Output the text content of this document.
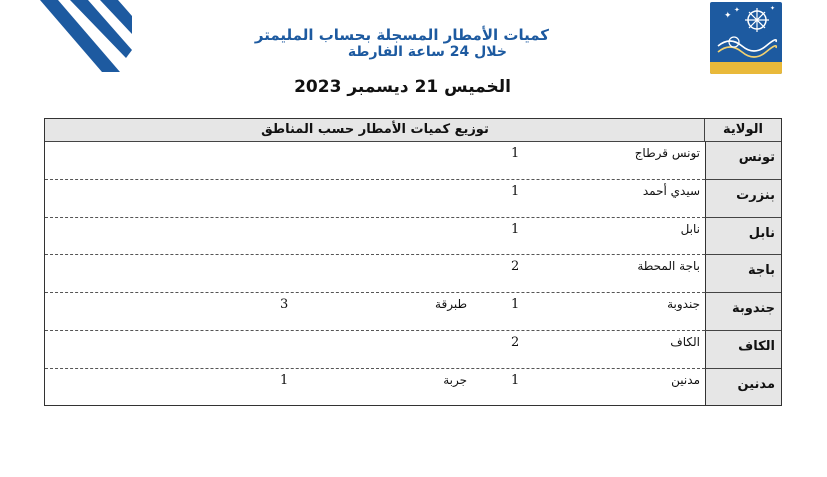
✦
✦	✦
كميات الأمطار المسجلة بحساب المليمتر
خلال 24 ساعة الفارطة
الخميس 21 ديسمبر 2023
توزيع كميات الأمطار حسب المناطق	الولاية
تونس
تونس قرطاج
1
بنزرت
سيدي أحمد
1
نابل
نابل
1
باجة
باجة المحطة
2
جندوبة
جندوبة
1
طبرقة
3
الكاف
الكاف
2
مدنين
مدنين
1
جربة
1
